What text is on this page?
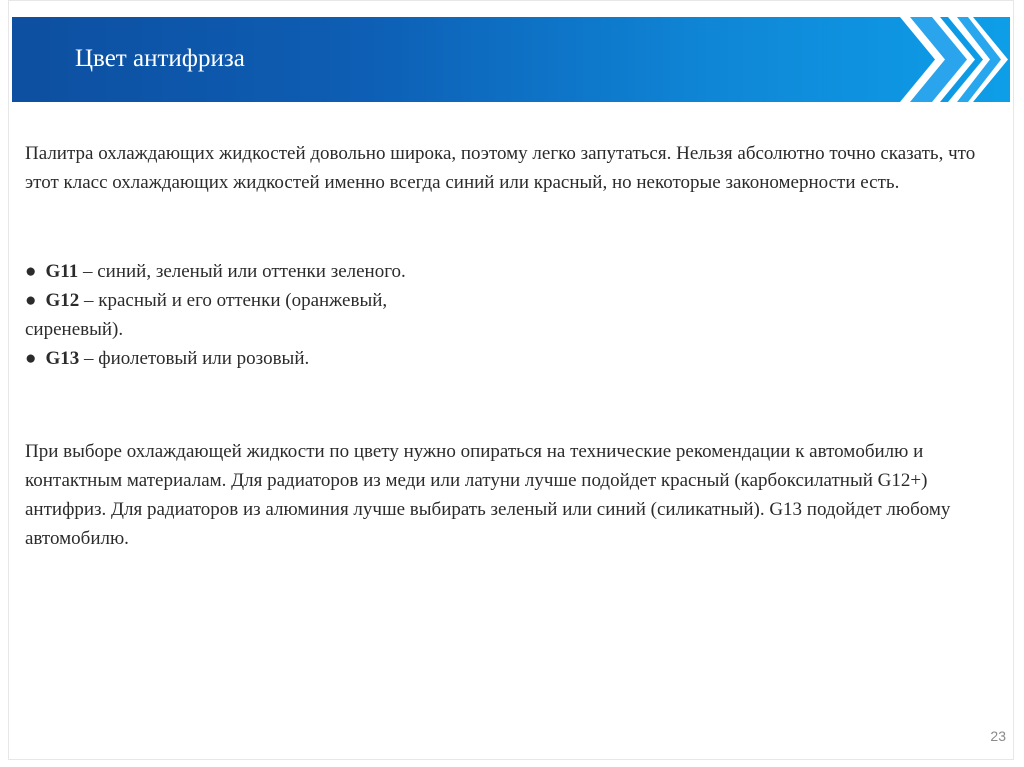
Цвет антифриза

Палитра охлаждающих жидкостей довольно широка, поэтому легко запутаться. Нельзя абсолютно точно сказать, что этот класс охлаждающих жидкостей именно всегда синий или красный, но некоторые закономерности есть.

● G11 – синий, зеленый или оттенки зеленого.
● G12 – красный и его оттенки (оранжевый,
сиреневый).
● G13 – фиолетовый или розовый.

При выборе охлаждающей жидкости по цвету нужно опираться на технические рекомендации к автомобилю и контактным материалам. Для радиаторов из меди или латуни лучше подойдет красный (карбоксилатный G12+) антифриз. Для радиаторов из алюминия лучше выбирать зеленый или синий (силикатный). G13 подойдет любому автомобилю.

23
